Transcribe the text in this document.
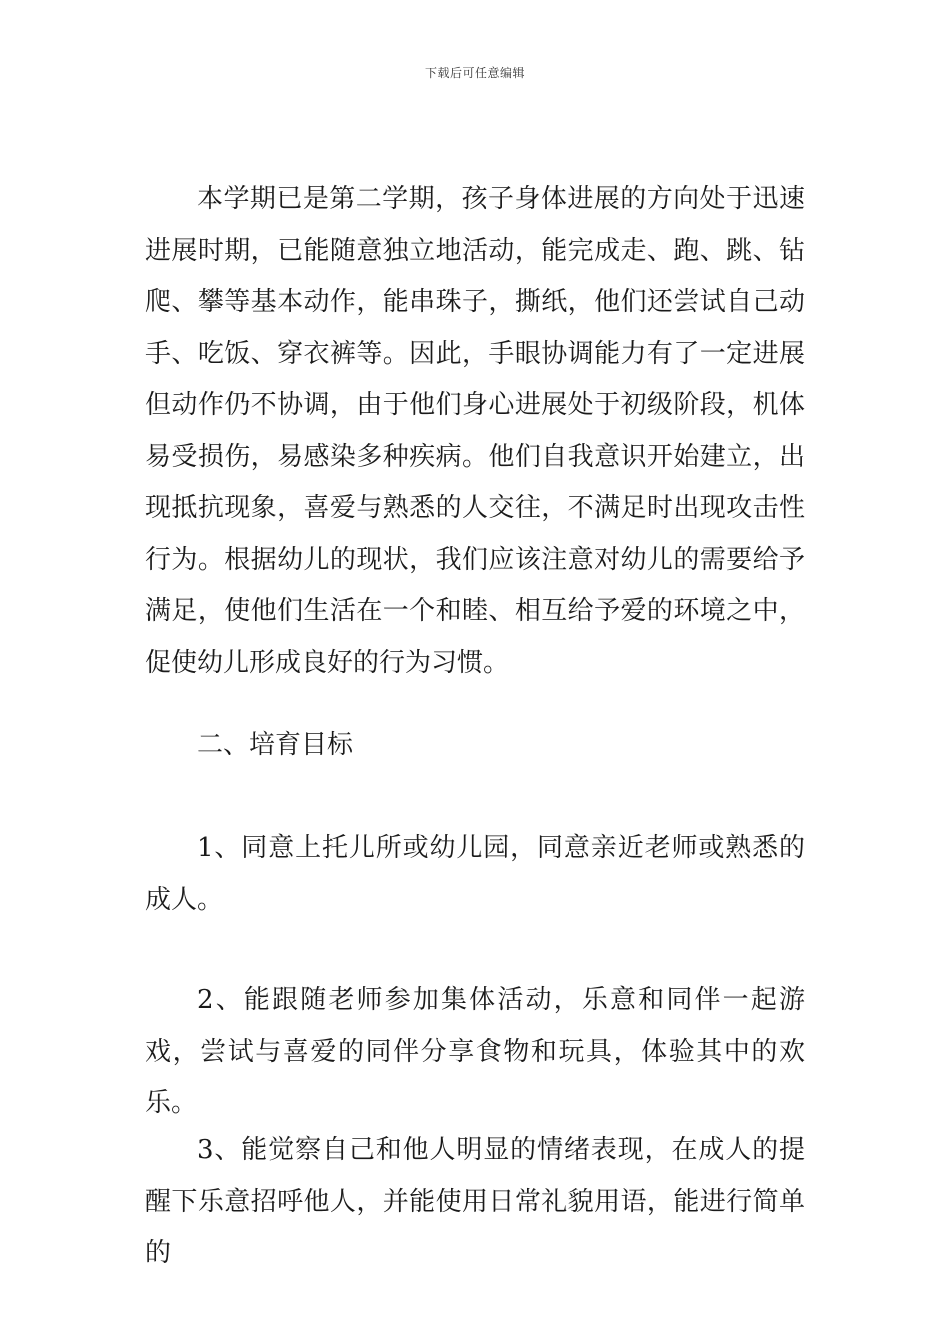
下载后可任意编辑

本学期已是第二学期，孩子身体进展的方向处于迅速进展时期，已能随意独立地活动，能完成走、跑、跳、钻爬、攀等基本动作，能串珠子，撕纸，他们还尝试自己动手、吃饭、穿衣裤等。因此，手眼协调能力有了一定进展但动作仍不协调，由于他们身心进展处于初级阶段，机体易受损伤，易感染多种疾病。他们自我意识开始建立，出现抵抗现象，喜爱与熟悉的人交往，不满足时出现攻击性行为。根据幼儿的现状，我们应该注意对幼儿的需要给予满足，使他们生活在一个和睦、相互给予爱的环境之中，促使幼儿形成良好的行为习惯。

二、培育目标

1、同意上托儿所或幼儿园，同意亲近老师或熟悉的成人。

2、能跟随老师参加集体活动，乐意和同伴一起游戏，尝试与喜爱的同伴分享食物和玩具，体验其中的欢乐。

3、能觉察自己和他人明显的情绪表现，在成人的提醒下乐意招呼他人，并能使用日常礼貌用语，能进行简单的
